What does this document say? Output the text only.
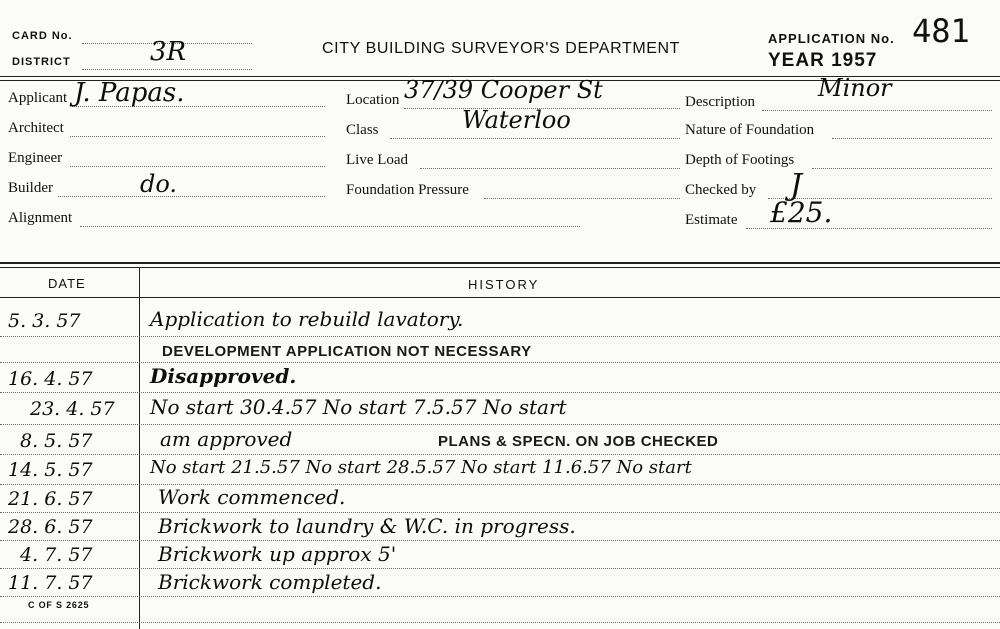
CARD No.
DISTRICT	3R	CITY BUILDING SURVEYOR'S DEPARTMENT
APPLICATION No. 481
YEAR 1957
Applicant J. Papas.
Architect
Engineer
Builder	do.
Alignment
Location 37/39 Cooper St
Class	Waterloo
Live Load
Foundation Pressure
Description	Minor
Nature of Foundation
Depth of Footings
Checked by J
Estimate £25.
DATE	HISTORY
5. 3. 57	Application to rebuild lavatory.
DEVELOPMENT APPLICATION NOT NECESSARY
16. 4. 57	Disapproved.
23. 4. 57 No start 30.4.57 No start 7.5.57 No start
8. 5. 57	am approved	PLANS & SPECN. ON JOB CHECKED
14. 5. 57	No start 21.5.57 No start 28.5.57 No start 11.6.57 No start
21. 6. 57	Work commenced.
28. 6. 57	Brickwork to laundry & W.C. in progress.
4. 7. 57	Brickwork up approx 5'
11. 7. 57	Brickwork completed.
C OF S 2625
